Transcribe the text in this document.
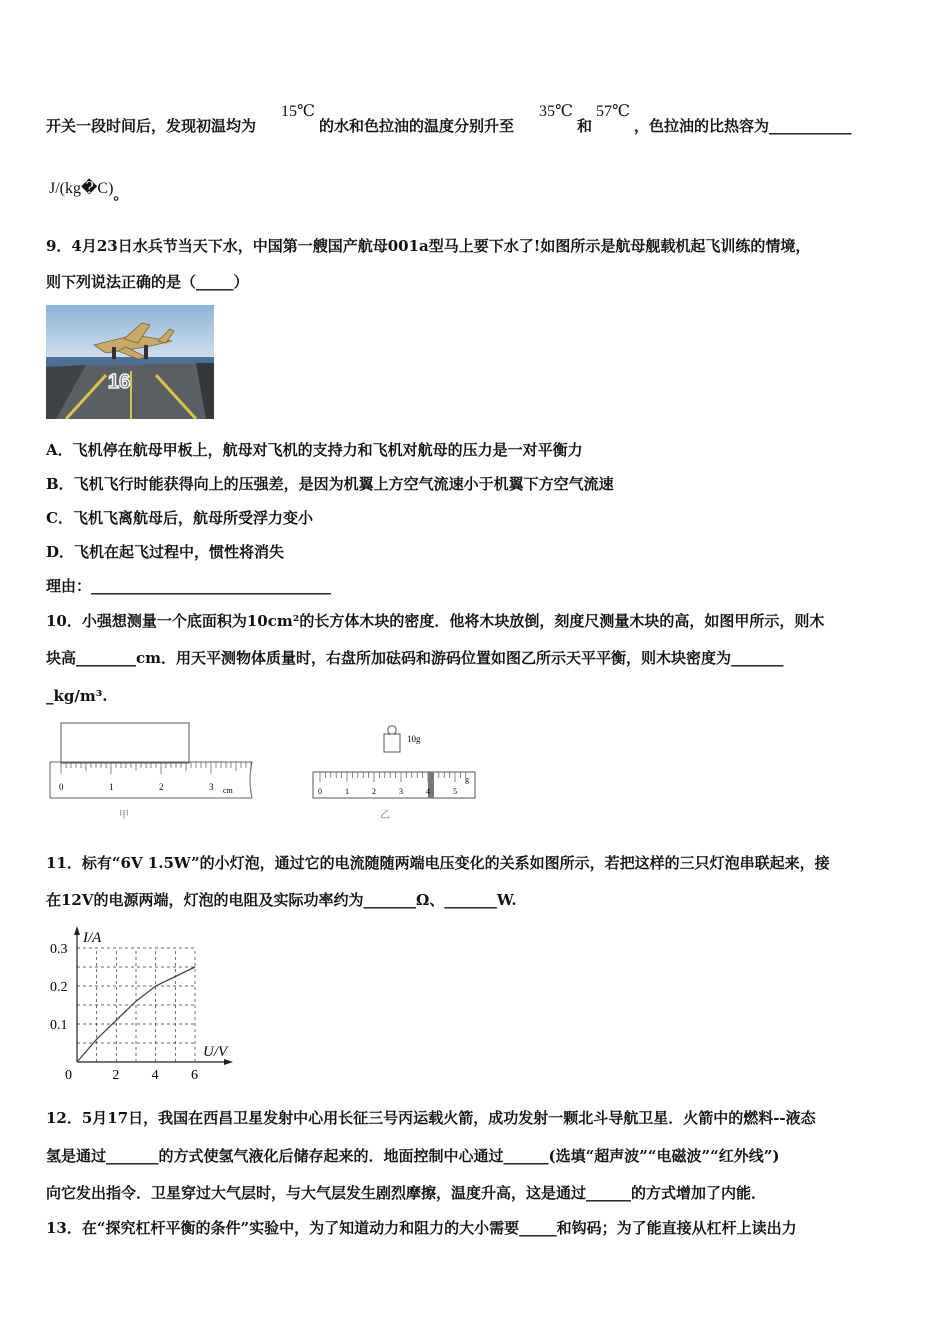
开关一段时间后，发现初温均为
15℃
的水和色拉油的温度分别升至
35℃
和
57℃
，色拉油的比热容为___________
J/(kg�C)。
9．4月23日水兵节当天下水，中国第一艘国产航母001a型马上要下水了!如图所示是航母舰载机起飞训练的情境，
则下列说法正确的是（_____）
16
A．飞机停在航母甲板上，航母对飞机的支持力和飞机对航母的压力是一对平衡力
B．飞机飞行时能获得向上的压强差，是因为机翼上方空气流速小于机翼下方空气流速
C．飞机飞离航母后，航母所受浮力变小
D．飞机在起飞过程中，惯性将消失
理由：________________________________
10．小强想测量一个底面积为10cm²的长方体木块的密度．他将木块放倒，刻度尺测量木块的高，如图甲所示，则木
块高________cm．用天平测物体质量时，右盘所加砝码和游码位置如图乙所示天平平衡，则木块密度为_______
_kg/m³.
0	1	2	3 cm
甲
10g
0	1	2	3	4	5
g
乙
11．标有“6V 1.5W”的小灯泡，通过它的电流随随两端电压变化的关系如图所示，若把这样的三只灯泡串联起来，接
在12V的电源两端，灯泡的电阻及实际功率约为_______Ω、_______W.
0	2 4 6
0.1
0.2
0.3
U/V
I/A
12．5月17日，我国在西昌卫星发射中心用长征三号丙运载火箭，成功发射一颗北斗导航卫星．火箭中的燃料--液态
氢是通过_______的方式使氢气液化后储存起来的．地面控制中心通过______(选填“超声波”“电磁波”“红外线”)
向它发出指令．卫星穿过大气层时，与大气层发生剧烈摩擦，温度升高，这是通过______的方式增加了内能．
13．在“探究杠杆平衡的条件”实验中，为了知道动力和阻力的大小需要_____和钩码；为了能直接从杠杆上读出力
